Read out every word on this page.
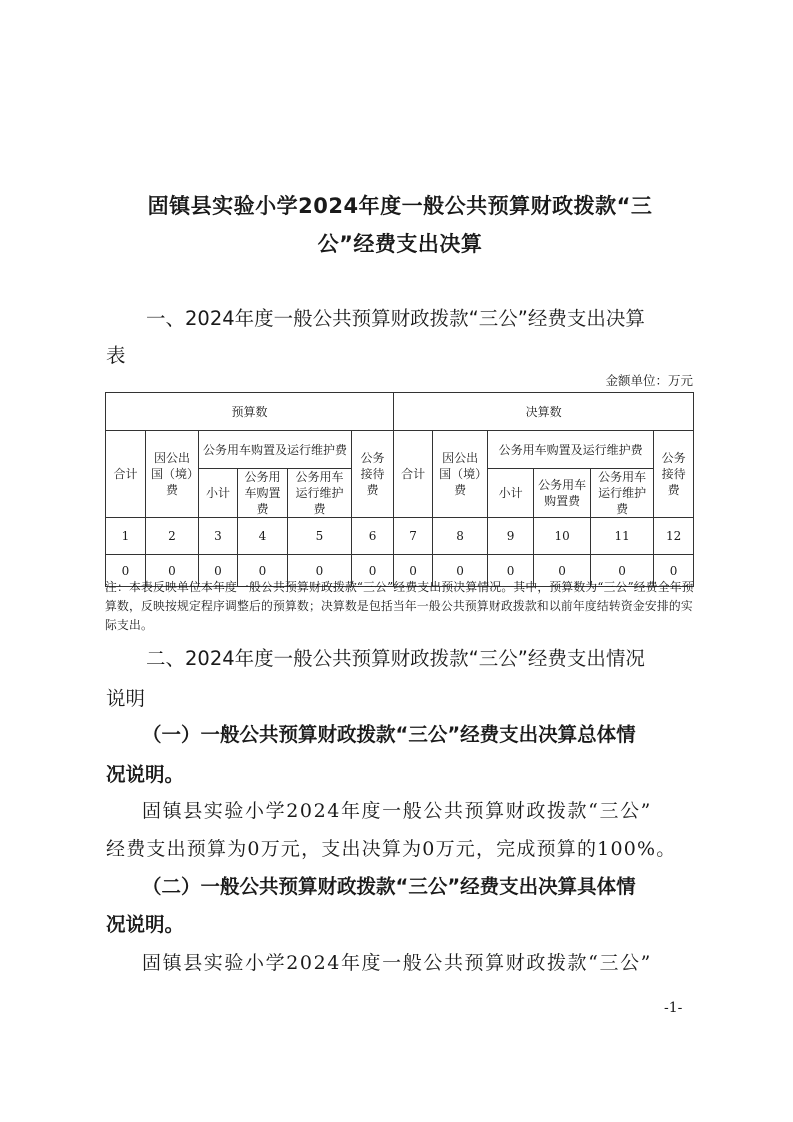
固镇县实验小学2024年度一般公共预算财政拨款“三
公”经费支出决算
一、2024年度一般公共预算财政拨款“三公”经费支出决算
表
金额单位：万元
预算数						决算数					
合计	因公出国（境）费	公务用车购置及运行维护费			公务接待费	合计	因公出国（境）费	公务用车购置及运行维护费			公务接待费
		小计	公务用车购置费	公务用车运行维护费				小计	公务用车购置费	公务用车运行维护费	
1	2	3	4	5	6	7	8	9	10	11	12
0	0	0	0	0	0	0	0	0	0	0	0
注：本表反映单位本年度一般公共预算财政拨款“三公”经费支出预决算情况。其中，预算数为“三公”经费全年预算数，反映按规定程序调整后的预算数；决算数是包括当年一般公共预算财政拨款和以前年度结转资金安排的实际支出。
二、2024年度一般公共预算财政拨款“三公”经费支出情况
说明
（一）一般公共预算财政拨款“三公”经费支出决算总体情
况说明。
固镇县实验小学2024年度一般公共预算财政拨款“三公”
经费支出预算为0万元，支出决算为0万元，完成预算的100%。
（二）一般公共预算财政拨款“三公”经费支出决算具体情
况说明。
固镇县实验小学2024年度一般公共预算财政拨款“三公”
-1-
